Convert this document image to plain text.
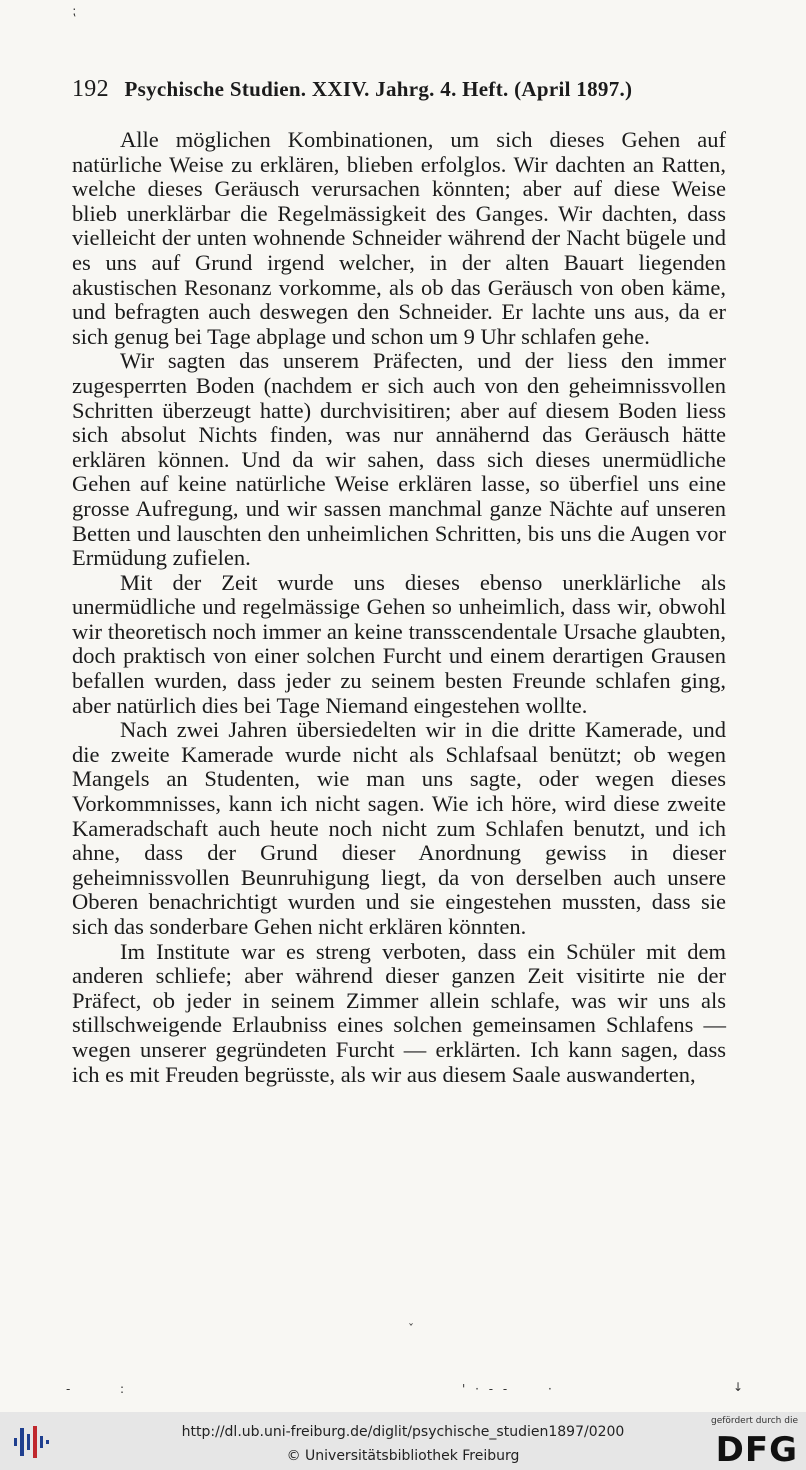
⁏
192 Psychische Studien. XXIV. Jahrg. 4. Heft. (April 1897.)

Alle möglichen Kombinationen, um sich dieses Gehen auf natürliche Weise zu erklären, blieben erfolglos. Wir dachten an Ratten, welche dieses Geräusch verursachen könnten; aber auf diese Weise blieb unerklärbar die Regelmässigkeit des Ganges. Wir dachten, dass vielleicht der unten wohnende Schneider während der Nacht bügele und es uns auf Grund irgend welcher, in der alten Bauart liegenden akustischen Resonanz vorkomme, als ob das Geräusch von oben käme, und befragten auch deswegen den Schneider. Er lachte uns aus, da er sich genug bei Tage abplage und schon um 9 Uhr schlafen gehe.

Wir sagten das unserem Präfecten, und der liess den immer zugesperrten Boden (nachdem er sich auch von den geheimnissvollen Schritten überzeugt hatte) durchvisitiren; aber auf diesem Boden liess sich absolut Nichts finden, was nur annähernd das Geräusch hätte erklären können. Und da wir sahen, dass sich dieses unermüdliche Gehen auf keine natürliche Weise erklären lasse, so überfiel uns eine grosse Aufregung, und wir sassen manchmal ganze Nächte auf unseren Betten und lauschten den unheimlichen Schritten, bis uns die Augen vor Ermüdung zufielen.

Mit der Zeit wurde uns dieses ebenso unerklärliche als unermüdliche und regelmässige Gehen so unheimlich, dass wir, obwohl wir theoretisch noch immer an keine transscendentale Ursache glaubten, doch praktisch von einer solchen Furcht und einem derartigen Grausen befallen wurden, dass jeder zu seinem besten Freunde schlafen ging, aber natürlich dies bei Tage Niemand eingestehen wollte.

Nach zwei Jahren übersiedelten wir in die dritte Kamerade, und die zweite Kamerade wurde nicht als Schlafsaal benützt; ob wegen Mangels an Studenten, wie man uns sagte, oder wegen dieses Vorkommnisses, kann ich nicht sagen. Wie ich höre, wird diese zweite Kameradschaft auch heute noch nicht zum Schlafen benutzt, und ich ahne, dass der Grund dieser Anordnung gewiss in dieser geheimnissvollen Beunruhigung liegt, da von derselben auch unsere Oberen benachrichtigt wurden und sie eingestehen mussten, dass sie sich das sonderbare Gehen nicht erklären könnten.

Im Institute war es streng verboten, dass ein Schüler mit dem anderen schliefe; aber während dieser ganzen Zeit visitirte nie der Präfect, ob jeder in seinem Zimmer allein schlafe, was wir uns als stillschweigende Erlaubniss eines solchen gemeinsamen Schlafens — wegen unserer gegründeten Furcht — erklärten. Ich kann sagen, dass ich es mit Freuden begrüsste, als wir aus diesem Saale auswanderten,

ˇ
-	:	' · - -	·	↓
http://dl.ub.uni-freiburg.de/diglit/psychische_studien1897/0200
© Universitätsbibliothek Freiburg
gefördert durch die
DFG
